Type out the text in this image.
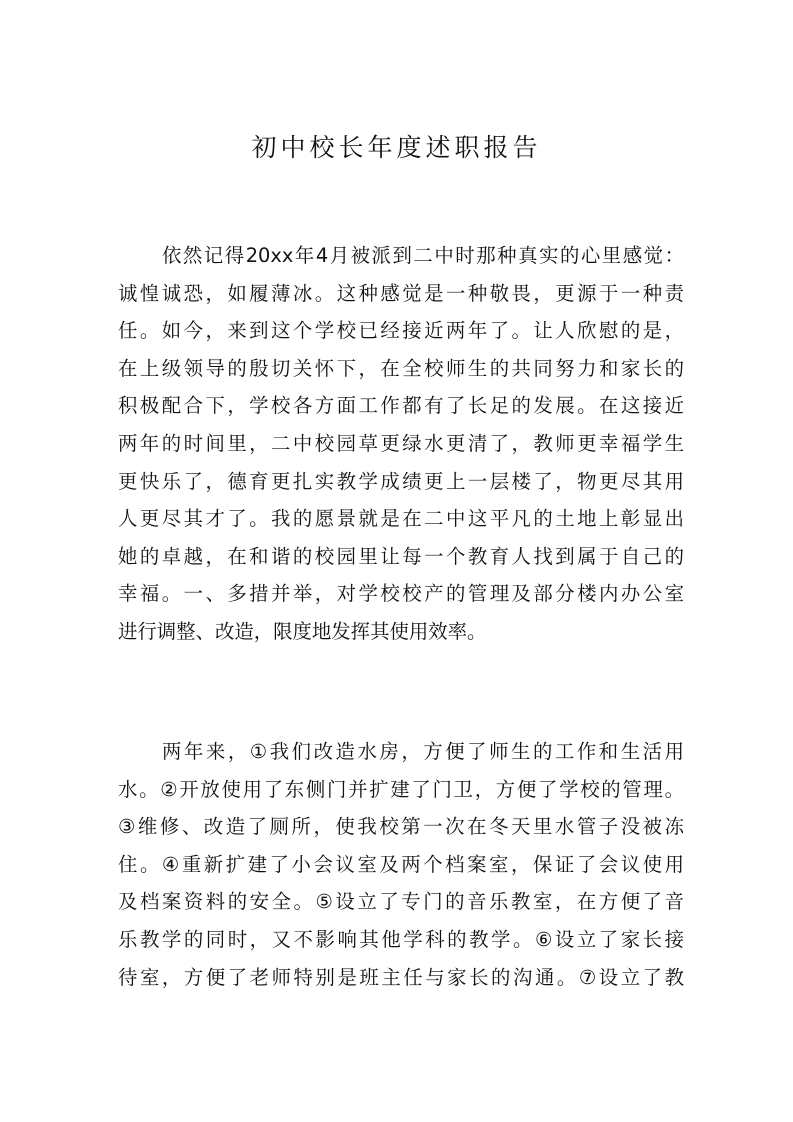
初中校长年度述职报告
依然记得20xx年4月被派到二中时那种真实的心里感觉：
诚惶诚恐，如履薄冰。这种感觉是一种敬畏，更源于一种责
任。如今，来到这个学校已经接近两年了。让人欣慰的是，
在上级领导的殷切关怀下，在全校师生的共同努力和家长的
积极配合下，学校各方面工作都有了长足的发展。在这接近
两年的时间里，二中校园草更绿水更清了，教师更幸福学生
更快乐了，德育更扎实教学成绩更上一层楼了，物更尽其用
人更尽其才了。我的愿景就是在二中这平凡的土地上彰显出
她的卓越，在和谐的校园里让每一个教育人找到属于自己的
幸福。一、多措并举，对学校校产的管理及部分楼内办公室
进行调整、改造，限度地发挥其使用效率。
两年来，①我们改造水房，方便了师生的工作和生活用
水。②开放使用了东侧门并扩建了门卫，方便了学校的管理。
③维修、改造了厕所，使我校第一次在冬天里水管子没被冻
住。④重新扩建了小会议室及两个档案室，保证了会议使用
及档案资料的安全。⑤设立了专门的音乐教室，在方便了音
乐教学的同时，又不影响其他学科的教学。⑥设立了家长接
待室，方便了老师特别是班主任与家长的沟通。⑦设立了教
